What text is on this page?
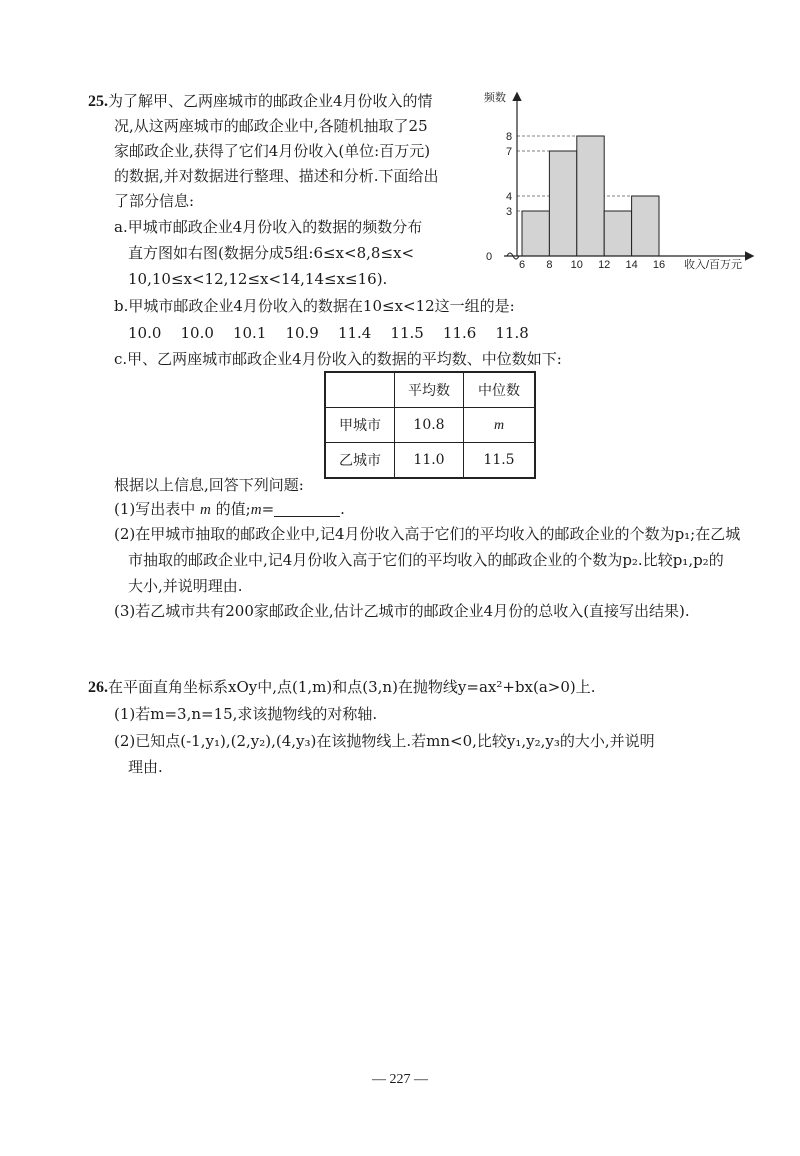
25.为了解甲、乙两座城市的邮政企业4月份收入的情
况,从这两座城市的邮政企业中,各随机抽取了25
家邮政企业,获得了它们4月份收入(单位:百万元)
的数据,并对数据进行整理、描述和分析.下面给出
了部分信息:
a.甲城市邮政企业4月份收入的数据的频数分布
直方图如右图(数据分成5组:6≤x<8,8≤x<
10,10≤x<12,12≤x<14,14≤x≤16).
b.甲城市邮政企业4月份收入的数据在10≤x<12这一组的是:
10.0 10.0 10.1 10.9 11.4 11.5 11.6 11.8
c.甲、乙两座城市邮政企业4月份收入的数据的平均数、中位数如下:
	平均数	中位数
甲城市	10.8	m
乙城市	11.0	11.5
根据以上信息,回答下列问题:
(1)写出表中 m 的值;m=	.
(2)在甲城市抽取的邮政企业中,记4月份收入高于它们的平均收入的邮政企业的个数为p₁;在乙城
市抽取的邮政企业中,记4月份收入高于它们的平均收入的邮政企业的个数为p₂.比较p₁,p₂的
大小,并说明理由.
(3)若乙城市共有200家邮政企业,估计乙城市的邮政企业4月份的总收入(直接写出结果).
频数
收入/百万元
0
6 8 10 12 14 16
3
4
7
8
26.在平面直角坐标系xOy中,点(1,m)和点(3,n)在抛物线y=ax²+bx(a>0)上.
(1)若m=3,n=15,求该抛物线的对称轴.
(2)已知点(-1,y₁),(2,y₂),(4,y₃)在该抛物线上.若mn<0,比较y₁,y₂,y₃的大小,并说明
理由.
— 227 —
